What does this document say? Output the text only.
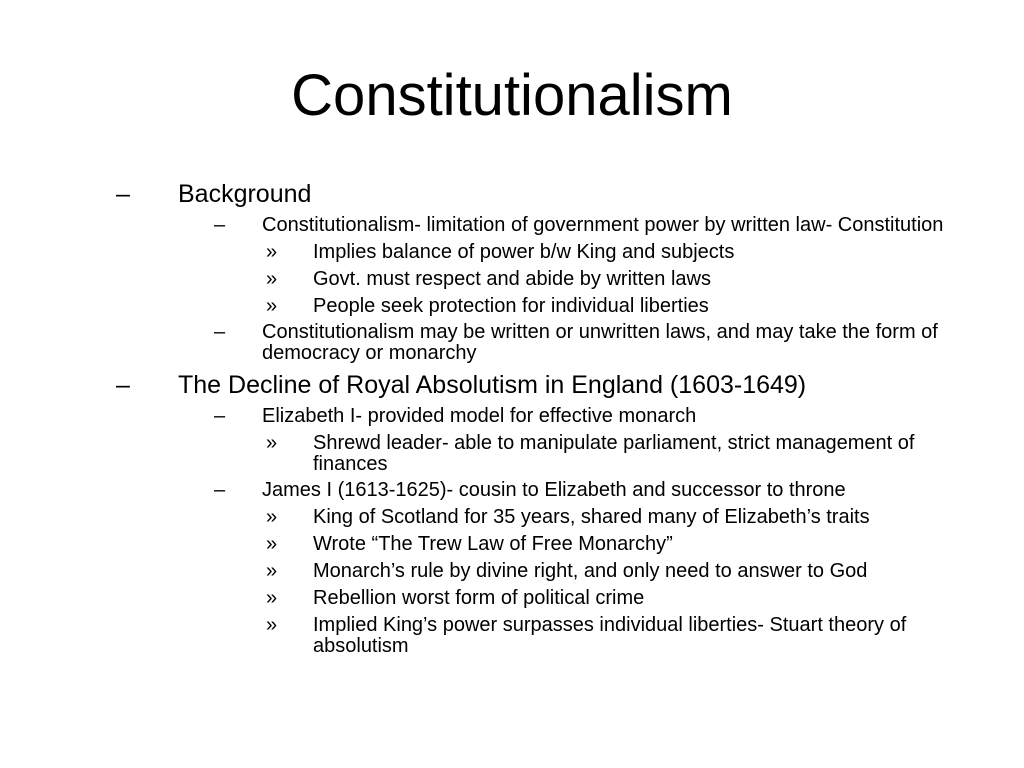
Constitutionalism
– Background
– Constitutionalism- limitation of government power by written law- Constitution
» Implies balance of power b/w King and subjects
» Govt. must respect and abide by written laws
» People seek protection for individual liberties
– Constitutionalism may be written or unwritten laws, and may take the form of democracy or monarchy
– The Decline of Royal Absolutism in England (1603-1649)
– Elizabeth I- provided model for effective monarch
» Shrewd leader- able to manipulate parliament, strict management of finances
– James I (1613-1625)- cousin to Elizabeth and successor to throne
» King of Scotland for 35 years, shared many of Elizabeth’s traits
» Wrote “The Trew Law of Free Monarchy”
» Monarch’s rule by divine right, and only need to answer to God
» Rebellion worst form of political crime
» Implied King’s power surpasses individual liberties- Stuart theory of absolutism
